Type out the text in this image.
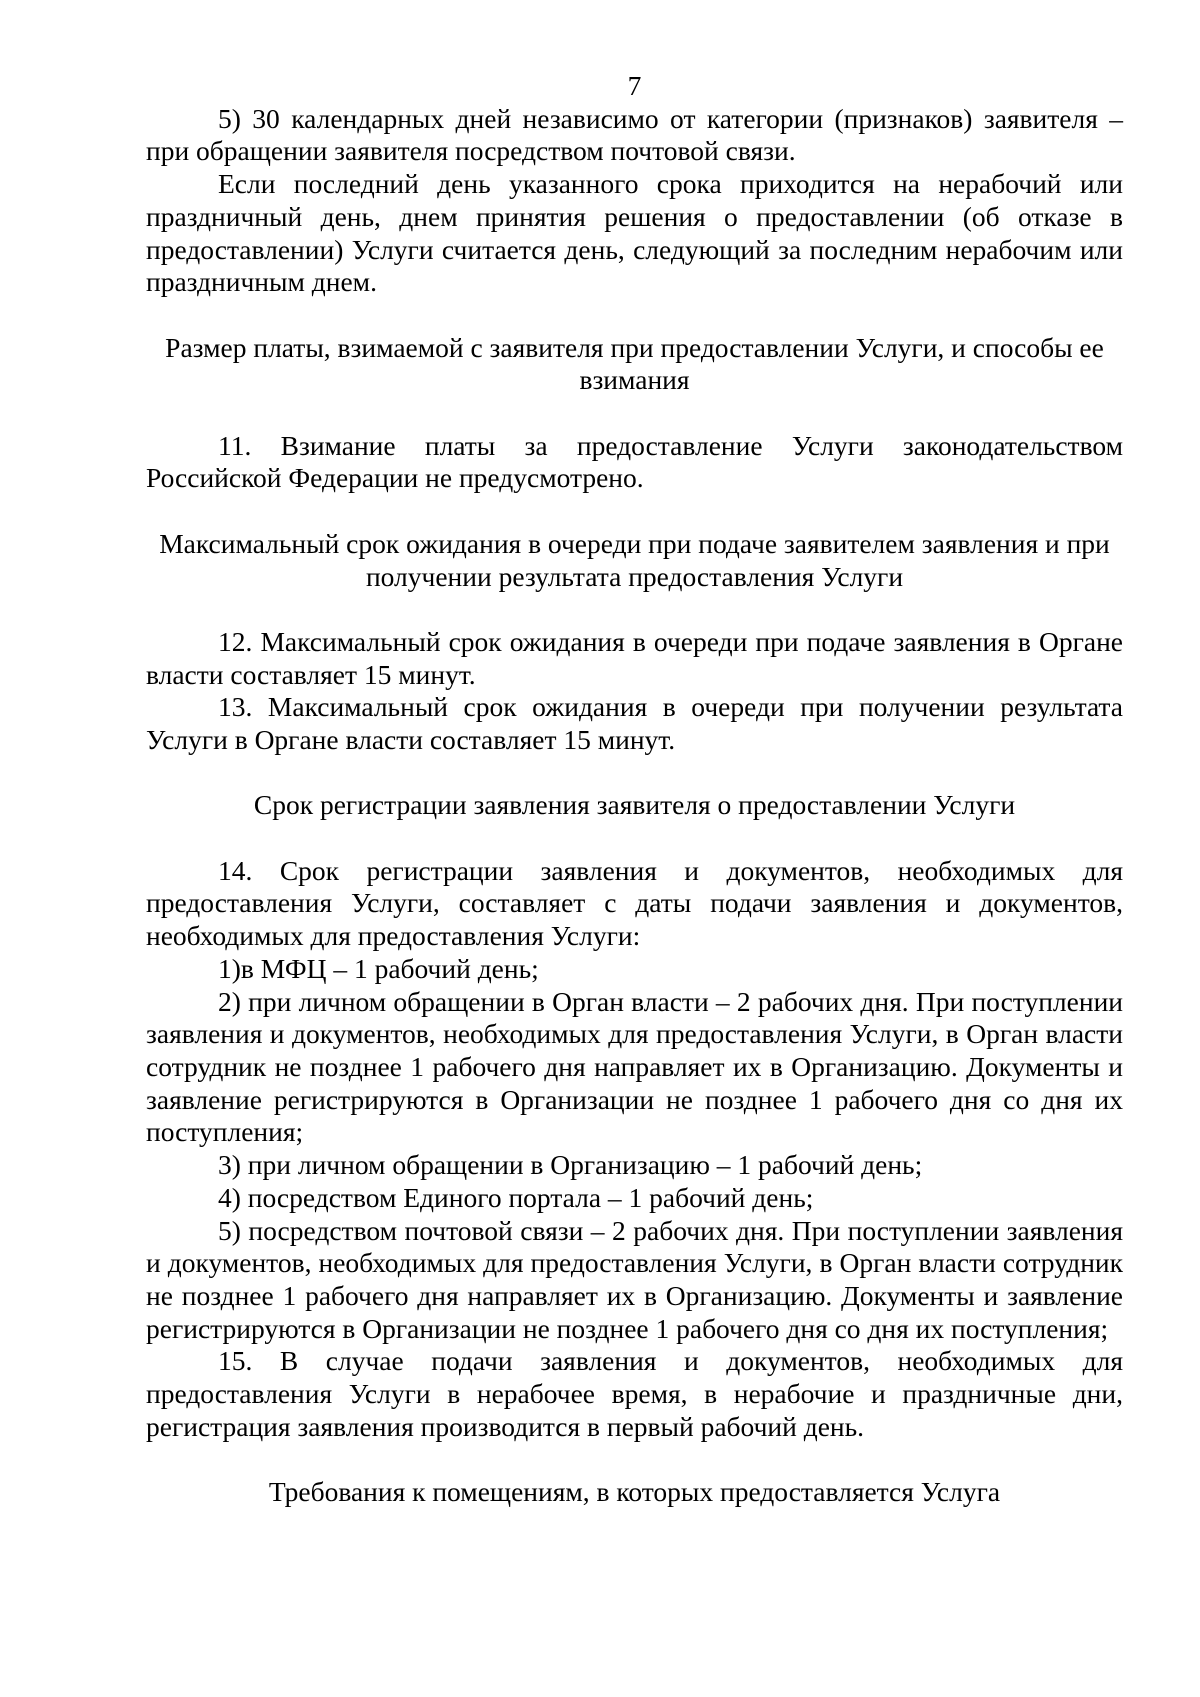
7

5) 30 календарных дней независимо от категории (признаков) заявителя – при обращении заявителя посредством почтовой связи.

Если последний день указанного срока приходится на нерабочий или праздничный день, днем принятия решения о предоставлении (об отказе в предоставлении) Услуги считается день, следующий за последним нерабочим или праздничным днем.

Размер платы, взимаемой с заявителя при предоставлении Услуги, и способы ее взимания

11. Взимание платы за предоставление Услуги законодательством Российской Федерации не предусмотрено.

Максимальный срок ожидания в очереди при подаче заявителем заявления и при получении результата предоставления Услуги

12. Максимальный срок ожидания в очереди при подаче заявления в Органе власти составляет 15 минут.

13. Максимальный срок ожидания в очереди при получении результата Услуги в Органе власти составляет 15 минут.

Срок регистрации заявления заявителя о предоставлении Услуги

14. Срок регистрации заявления и документов, необходимых для предоставления Услуги, составляет с даты подачи заявления и документов, необходимых для предоставления Услуги:

1)в МФЦ – 1 рабочий день;

2) при личном обращении в Орган власти – 2 рабочих дня. При поступлении заявления и документов, необходимых для предоставления Услуги, в Орган власти сотрудник не позднее 1 рабочего дня направляет их в Организацию. Документы и заявление регистрируются в Организации не позднее 1 рабочего дня со дня их поступления;

3) при личном обращении в Организацию – 1 рабочий день;

4) посредством Единого портала – 1 рабочий день;

5) посредством почтовой связи – 2 рабочих дня. При поступлении заявления и документов, необходимых для предоставления Услуги, в Орган власти сотрудник не позднее 1 рабочего дня направляет их в Организацию. Документы и заявление регистрируются в Организации не позднее 1 рабочего дня со дня их поступления;

15. В случае подачи заявления и документов, необходимых для предоставления Услуги в нерабочее время, в нерабочие и праздничные дни, регистрация заявления производится в первый рабочий день.

Требования к помещениям, в которых предоставляется Услуга
